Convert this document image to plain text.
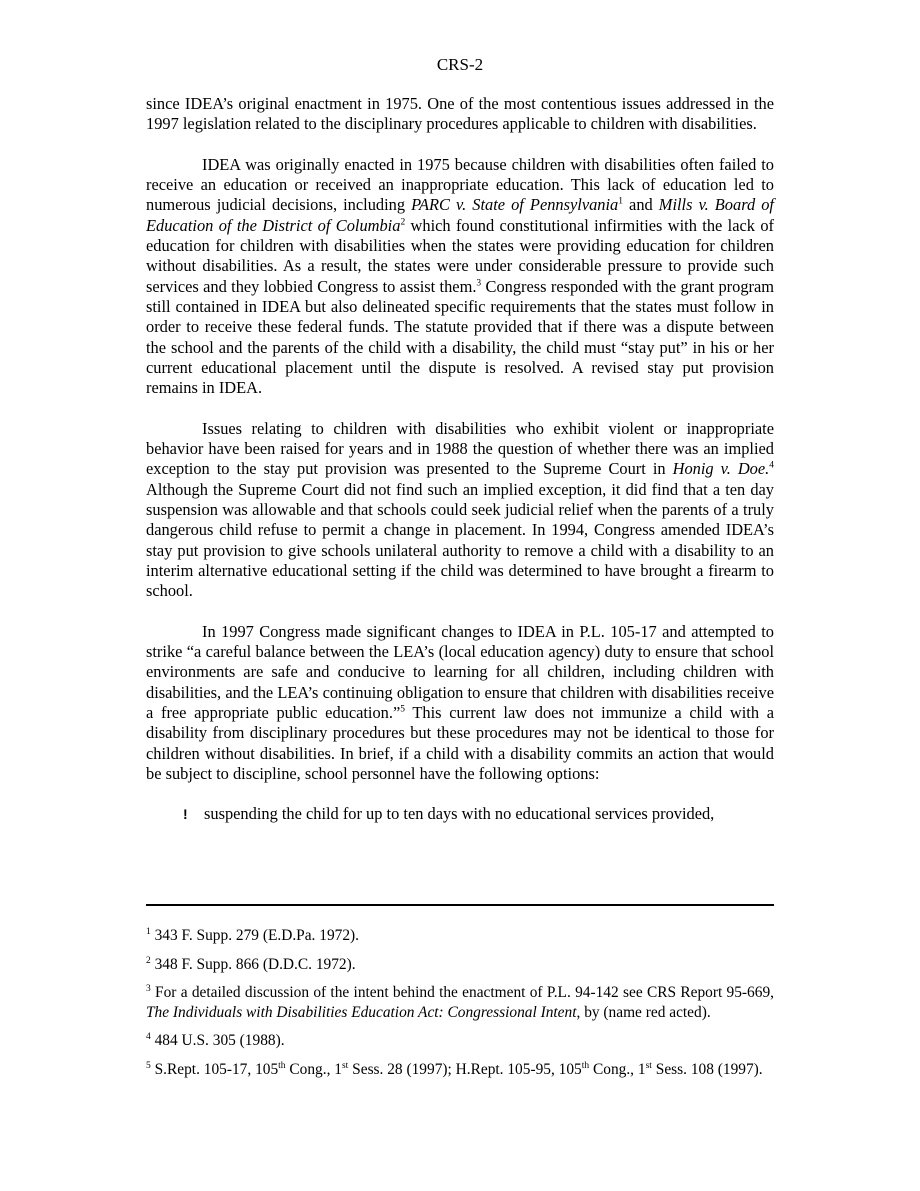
CRS-2

since IDEA’s original enactment in 1975. One of the most contentious issues addressed in the 1997 legislation related to the disciplinary procedures applicable to children with disabilities.

IDEA was originally enacted in 1975 because children with disabilities often failed to receive an education or received an inappropriate education. This lack of education led to numerous judicial decisions, including PARC v. State of Pennsylvania$^1$ and Mills v. Board of Education of the District of Columbia$^2$ which found constitutional infirmities with the lack of education for children with disabilities when the states were providing education for children without disabilities. As a result, the states were under considerable pressure to provide such services and they lobbied Congress to assist them.$^3$ Congress responded with the grant program still contained in IDEA but also delineated specific requirements that the states must follow in order to receive these federal funds. The statute provided that if there was a dispute between the school and the parents of the child with a disability, the child must “stay put” in his or her current educational placement until the dispute is resolved. A revised stay put provision remains in IDEA.

Issues relating to children with disabilities who exhibit violent or inappropriate behavior have been raised for years and in 1988 the question of whether there was an implied exception to the stay put provision was presented to the Supreme Court in Honig v. Doe.$^4$ Although the Supreme Court did not find such an implied exception, it did find that a ten day suspension was allowable and that schools could seek judicial relief when the parents of a truly dangerous child refuse to permit a change in placement. In 1994, Congress amended IDEA’s stay put provision to give schools unilateral authority to remove a child with a disability to an interim alternative educational setting if the child was determined to have brought a firearm to school.

In 1997 Congress made significant changes to IDEA in P.L. 105-17 and attempted to strike “a careful balance between the LEA’s (local education agency) duty to ensure that school environments are safe and conducive to learning for all children, including children with disabilities, and the LEA’s continuing obligation to ensure that children with disabilities receive a free appropriate public education.”$^5$ This current law does not immunize a child with a disability from disciplinary procedures but these procedures may not be identical to those for children without disabilities. In brief, if a child with a disability commits an action that would be subject to discipline, school personnel have the following options:

! suspending the child for up to ten days with no educational services provided,

$^1$ 343 F. Supp. 279 (E.D.Pa. 1972).

$^2$ 348 F. Supp. 866 (D.D.C. 1972).

$^3$ For a detailed discussion of the intent behind the enactment of P.L. 94-142 see CRS Report 95-669, The Individuals with Disabilities Education Act: Congressional Intent, by (name red acted).

$^4$ 484 U.S. 305 (1988).

$^5$ S.Rept. 105-17, 105th Cong., 1st Sess. 28 (1997); H.Rept. 105-95, 105th Cong., 1st Sess. 108 (1997).
